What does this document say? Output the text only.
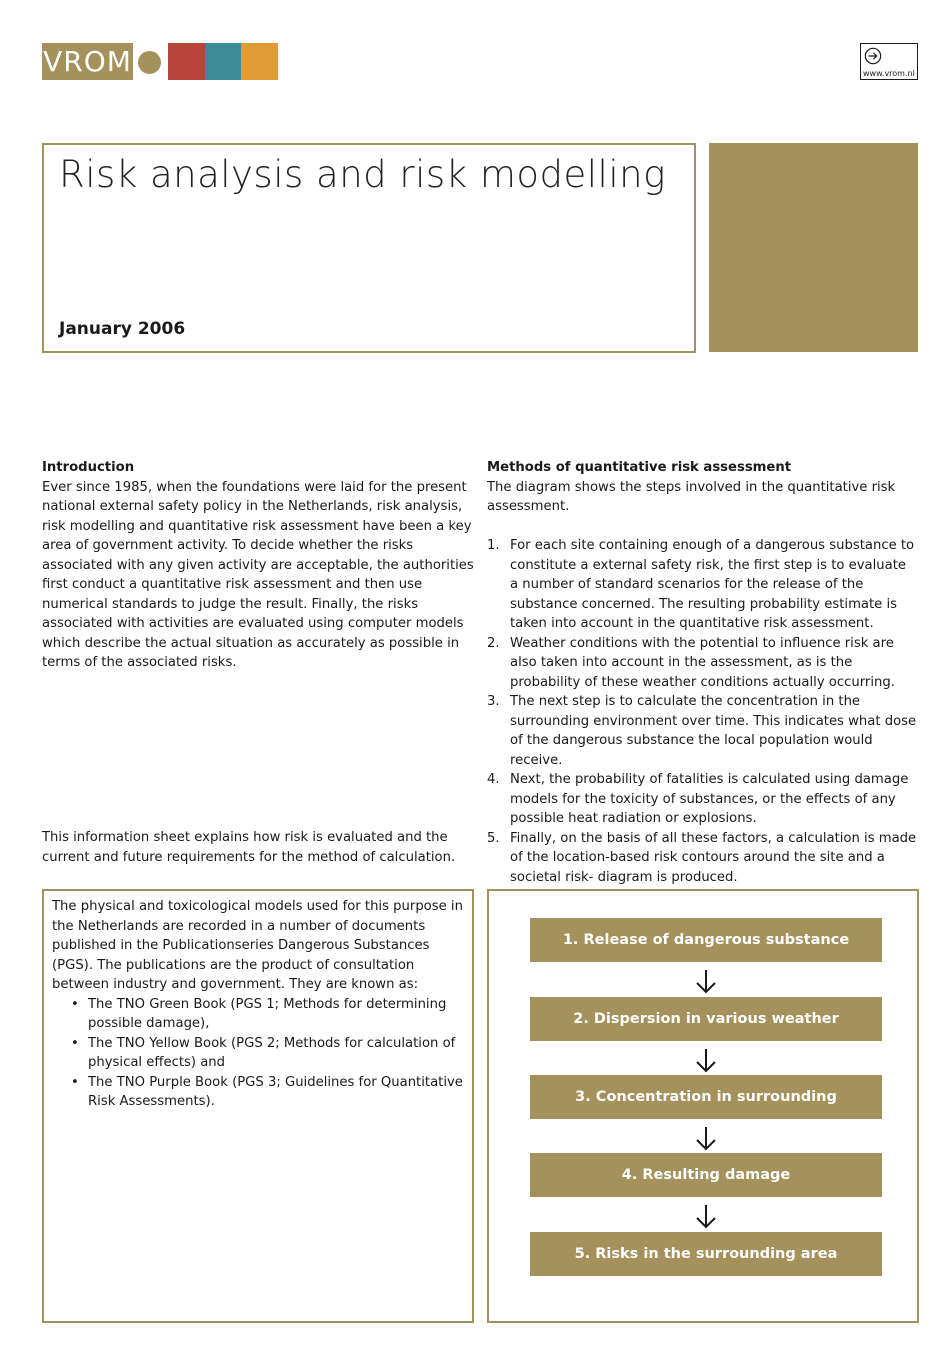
VROM	www.vrom.nl
Risk analysis and risk modelling
January 2006
Introduction

Ever since 1985, when the foundations were laid for the present national external safety policy in the Netherlands, risk analysis, risk modelling and quantitative risk assessment have been a key area of government activity. To decide whether the risks associated with any given activity are acceptable, the authorities first conduct a quantitative risk assessment and then use numerical standards to judge the result. Finally, the risks associated with activities are evaluated using computer models which describe the actual situation as accurately as possible in terms of the associated risks.

This information sheet explains how risk is evaluated and the current and future requirements for the method of calculation.

Methods of quantitative risk assessment

The diagram shows the steps involved in the quantitative risk assessment.

1. For each site containing enough of a dangerous substance to constitute a external safety risk, the first step is to evaluate a number of standard scenarios for the release of the substance concerned. The resulting probability estimate is taken into account in the quantitative risk assessment.
2. Weather conditions with the potential to influence risk are also taken into account in the assessment, as is the probability of these weather conditions actually occurring.
3. The next step is to calculate the concentration in the surrounding environment over time. This indicates what dose of the dangerous substance the local population would receive.
4. Next, the probability of fatalities is calculated using damage models for the toxicity of substances, or the effects of any possible heat radiation or explosions.
5. Finally, on the basis of all these factors, a calculation is made of the location-based risk contours around the site and a societal risk- diagram is produced.

The physical and toxicological models used for this purpose in the Netherlands are recorded in a number of documents published in the Publicationseries Dangerous Substances (PGS). The publications are the product of consultation between industry and government. They are known as:

• The TNO Green Book (PGS 1; Methods for determining possible damage),
• The TNO Yellow Book (PGS 2; Methods for calculation of physical effects) and
• The TNO Purple Book (PGS 3; Guidelines for Quantitative Risk Assessments).
1. Release of dangerous substance
2. Dispersion in various weather conditions
3. Concentration in surrounding environment
4. Resulting damage
5. Risks in the surrounding area
